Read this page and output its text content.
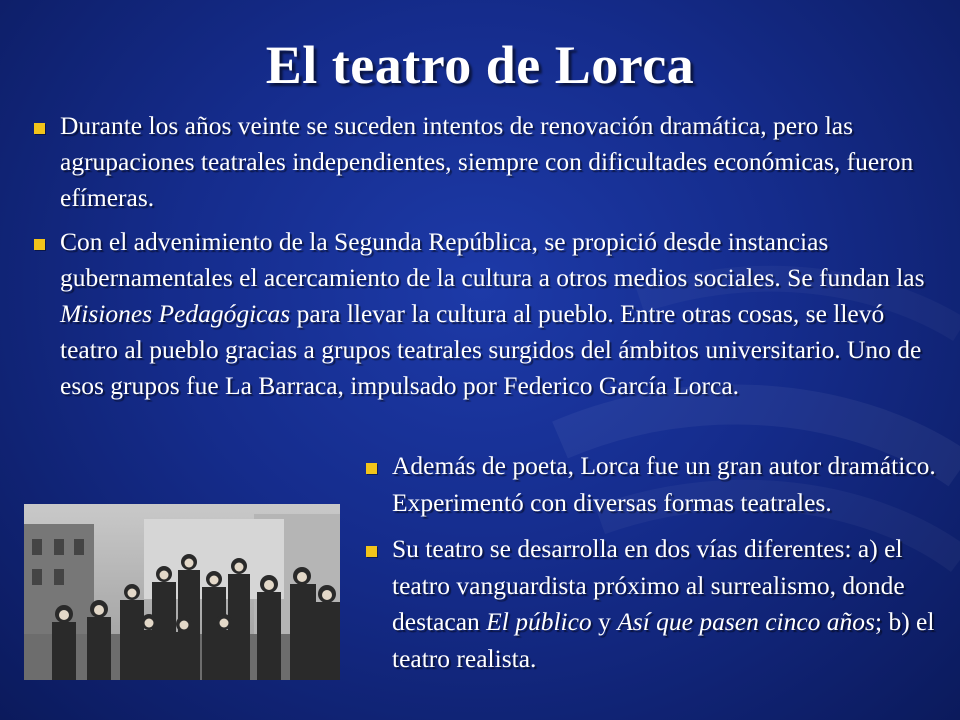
El teatro de Lorca
Durante los años veinte se suceden intentos de renovación dramática, pero las agrupaciones teatrales independientes, siempre con dificultades económicas, fueron efímeras.
Con el advenimiento de la Segunda República, se propició desde instancias gubernamentales el acercamiento de la cultura a otros medios sociales. Se fundan las Misiones Pedagógicas para llevar la cultura al pueblo. Entre otras cosas, se llevó teatro al pueblo gracias a grupos teatrales surgidos del ámbitos universitario. Uno de esos grupos fue La Barraca, impulsado por Federico García Lorca.
Además de poeta, Lorca fue un gran autor dramático. Experimentó con diversas formas teatrales.
Su teatro se desarrolla en dos vías diferentes: a) el teatro vanguardista próximo al surrealismo, donde destacan El público y Así que pasen cinco años; b) el teatro realista.
